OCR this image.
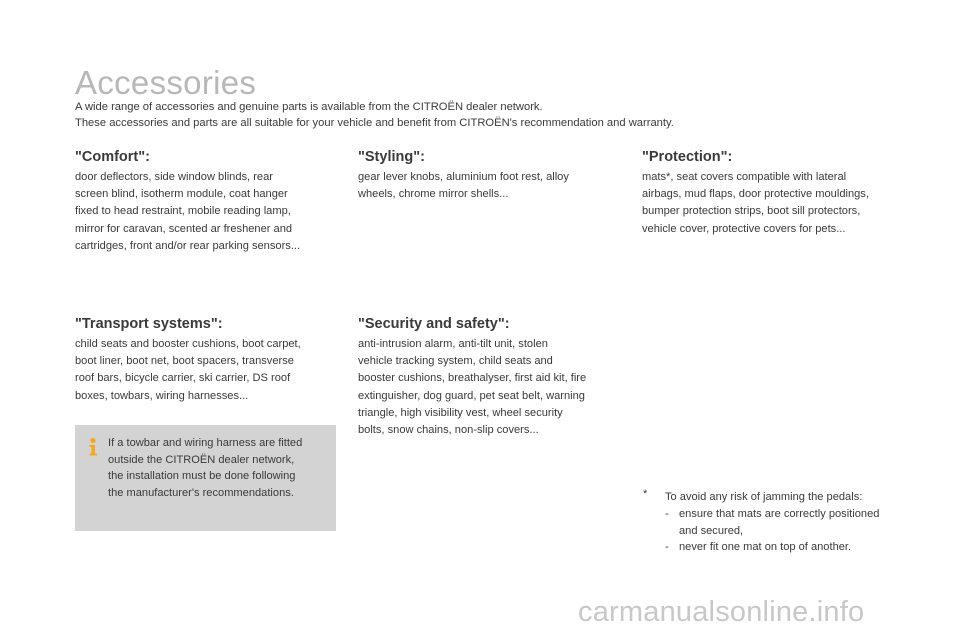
Accessories
A wide range of accessories and genuine parts is available from the CITROËN dealer network.
These accessories and parts are all suitable for your vehicle and benefit from CITROËN's recommendation and warranty.
"Comfort":
door deflectors, side window blinds, rear
screen blind, isotherm module, coat hanger
fixed to head restraint, mobile reading lamp,
mirror for caravan, scented ar freshener and
cartridges, front and/or rear parking sensors...
"Styling":
gear lever knobs, aluminium foot rest, alloy
wheels, chrome mirror shells...
"Protection":
mats*, seat covers compatible with lateral
airbags, mud flaps, door protective mouldings,
bumper protection strips, boot sill protectors,
vehicle cover, protective covers for pets...
"Transport systems":
child seats and booster cushions, boot carpet,
boot liner, boot net, boot spacers, transverse
roof bars, bicycle carrier, ski carrier, DS roof
boxes, towbars, wiring harnesses...
"Security and safety":
anti-intrusion alarm, anti-tilt unit, stolen
vehicle tracking system, child seats and
booster cushions, breathalyser, first aid kit, fire
extinguisher, dog guard, pet seat belt, warning
triangle, high visibility vest, wheel security
bolts, snow chains, non-slip covers...
If a towbar and wiring harness are fitted
outside the CITROËN dealer network,
the installation must be done following
the manufacturer's recommendations.	* To avoid any risk of jamming the pedals:
- ensure that mats are correctly positioned
and secured,
- never fit one mat on top of another.
carmanualsonline.info
